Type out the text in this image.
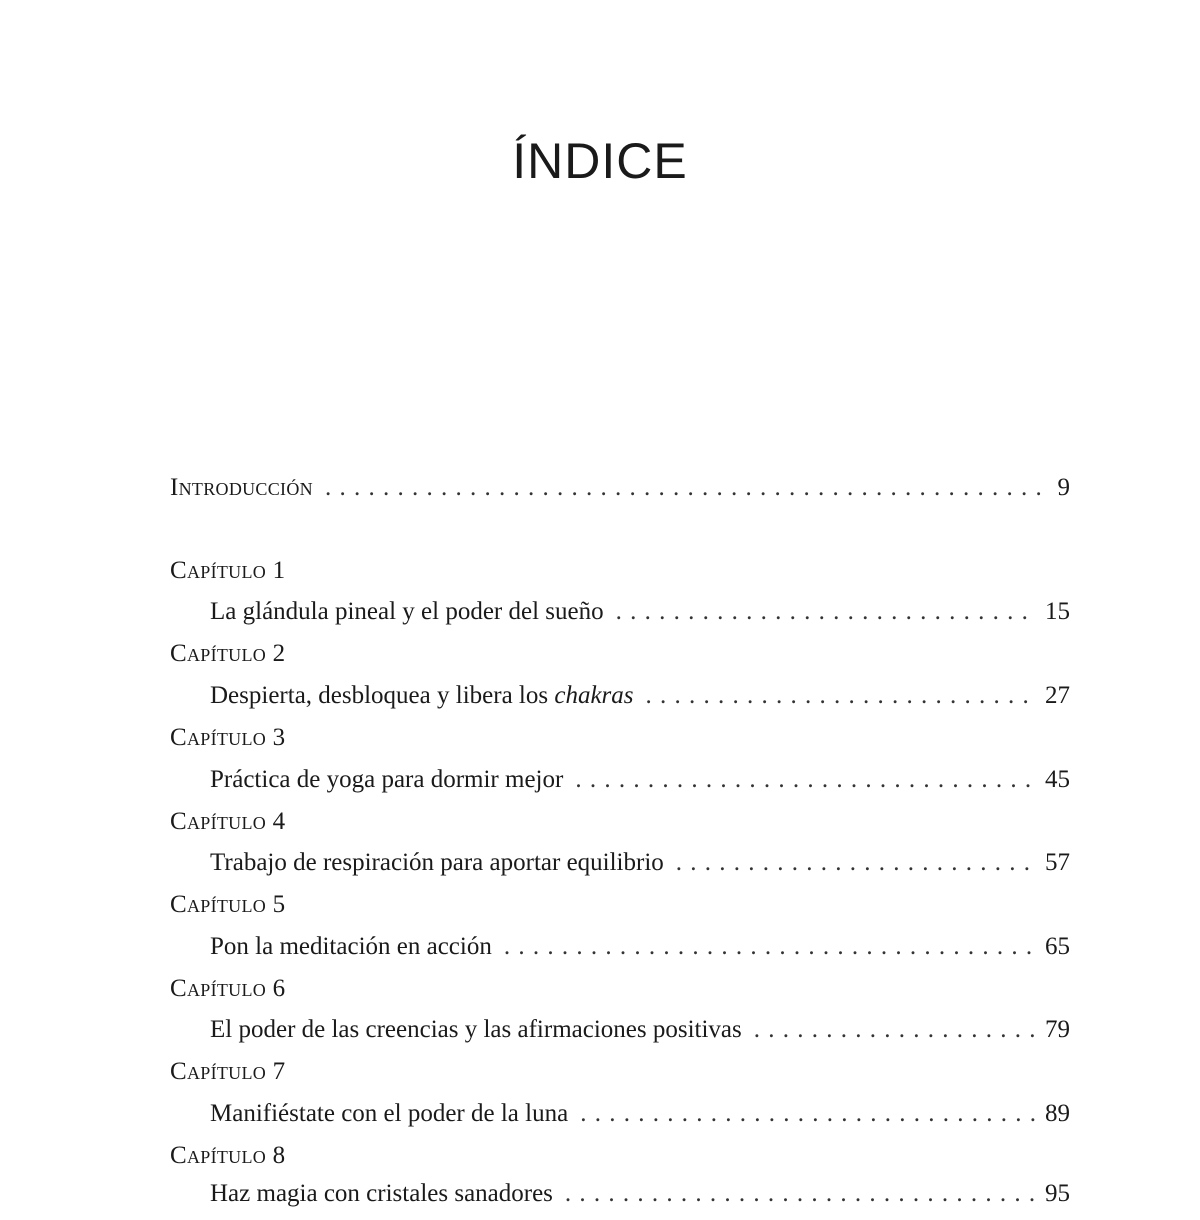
ÍNDICE
Introducción . . .	9
Capítulo 1
La glándula pineal y el poder del sueño . . .	15
Capítulo 2
Despierta, desbloquea y libera los chakras . . .	27
Capítulo 3
Práctica de yoga para dormir mejor . . .	45
Capítulo 4
Trabajo de respiración para aportar equilibrio . . .	57
Capítulo 5
Pon la meditación en acción . . .	65
Capítulo 6
El poder de las creencias y las afirmaciones positivas . . .	79
Capítulo 7
Manifiéstate con el poder de la luna . . .	89
Capítulo 8
Haz magia con cristales sanadores . . .	95
